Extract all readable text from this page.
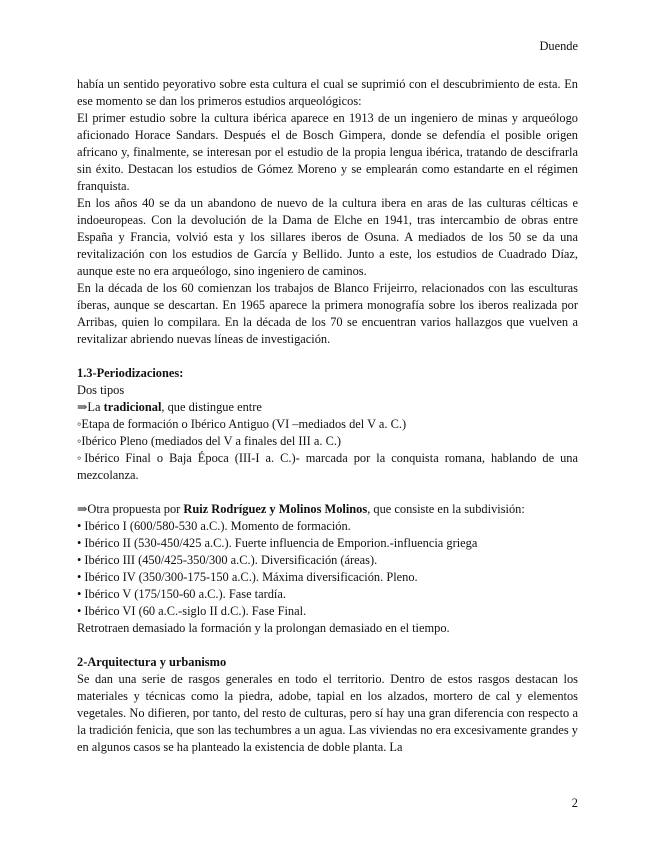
Duende

había un sentido peyorativo sobre esta cultura el cual se suprimió con el descubrimiento de esta. En ese momento se dan los primeros estudios arqueológicos:

El primer estudio sobre la cultura ibérica aparece en 1913 de un ingeniero de minas y arqueólogo aficionado Horace Sandars. Después el de Bosch Gimpera, donde se defendía el posible origen africano y, finalmente, se interesan por el estudio de la propia lengua ibérica, tratando de descifrarla sin éxito. Destacan los estudios de Gómez Moreno y se emplearán como estandarte en el régimen franquista.

En los años 40 se da un abandono de nuevo de la cultura ibera en aras de las culturas célticas e indoeuropeas. Con la devolución de la Dama de Elche en 1941, tras intercambio de obras entre España y Francia, volvió esta y los sillares iberos de Osuna. A mediados de los 50 se da una revitalización con los estudios de García y Bellido. Junto a este, los estudios de Cuadrado Díaz, aunque este no era arqueólogo, sino ingeniero de caminos.

En la década de los 60 comienzan los trabajos de Blanco Frijeirro, relacionados con las esculturas íberas, aunque se descartan. En 1965 aparece la primera monografía sobre los iberos realizada por Arribas, quien lo compilara. En la década de los 70 se encuentran varios hallazgos que vuelven a revitalizar abriendo nuevas líneas de investigación.

1.3-Periodizaciones:

Dos tipos

⇒La tradicional, que distingue entre

◦Etapa de formación o Ibérico Antiguo (VI –mediados del V a. C.)

◦Ibérico Pleno (mediados del V a finales del III a. C.)

◦Ibérico Final o Baja Época (III-I a. C.)- marcada por la conquista romana, hablando de una mezcolanza.

⇒Otra propuesta por Ruiz Rodríguez y Molinos Molinos, que consiste en la subdivisión:

• Ibérico I (600/580-530 a.C.). Momento de formación.

• Ibérico II (530-450/425 a.C.). Fuerte influencia de Emporion.-influencia griega

• Ibérico III (450/425-350/300 a.C.). Diversificación (áreas).

• Ibérico IV (350/300-175-150 a.C.). Máxima diversificación. Pleno.

• Ibérico V (175/150-60 a.C.). Fase tardía.

• Ibérico VI (60 a.C.-siglo II d.C.). Fase Final.

Retrotraen demasiado la formación y la prolongan demasiado en el tiempo.

2-Arquitectura y urbanismo

Se dan una serie de rasgos generales en todo el territorio. Dentro de estos rasgos destacan los materiales y técnicas como la piedra, adobe, tapial en los alzados, mortero de cal y elementos vegetales. No difieren, por tanto, del resto de culturas, pero sí hay una gran diferencia con respecto a la tradición fenicia, que son las techumbres a un agua. Las viviendas no era excesivamente grandes y en algunos casos se ha planteado la existencia de doble planta. La

2
